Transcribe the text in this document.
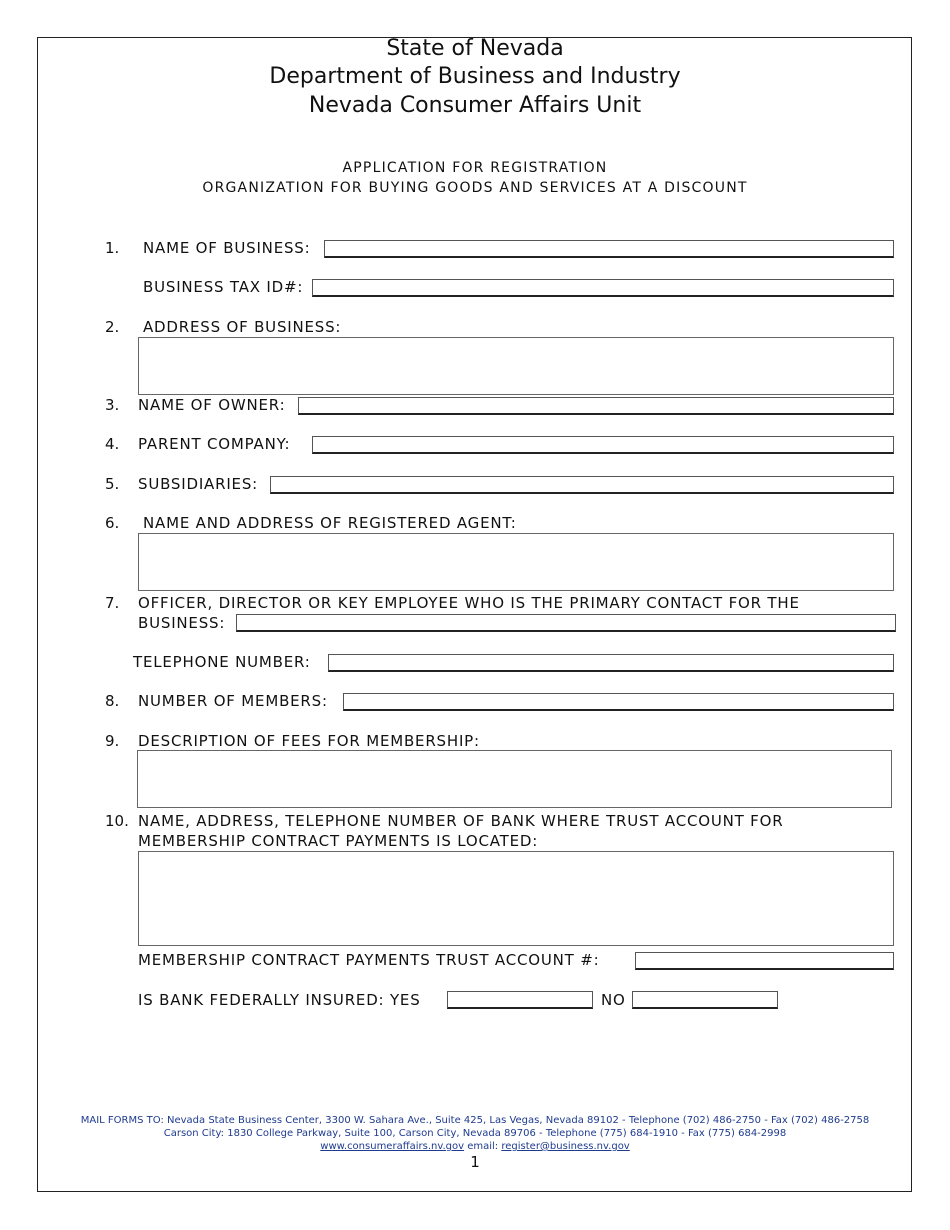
State of Nevada
Department of Business and Industry
Nevada Consumer Affairs Unit
APPLICATION FOR REGISTRATION
ORGANIZATION FOR BUYING GOODS AND SERVICES AT A DISCOUNT
1. NAME OF BUSINESS:
BUSINESS TAX ID#:
2. ADDRESS OF BUSINESS:
3. NAME OF OWNER:
4. PARENT COMPANY:
5. SUBSIDIARIES:
6. NAME AND ADDRESS OF REGISTERED AGENT:
7. OFFICER, DIRECTOR OR KEY EMPLOYEE WHO IS THE PRIMARY CONTACT FOR THE
BUSINESS:
TELEPHONE NUMBER:
8. NUMBER OF MEMBERS:
9. DESCRIPTION OF FEES FOR MEMBERSHIP:
10. NAME, ADDRESS, TELEPHONE NUMBER OF BANK WHERE TRUST ACCOUNT FOR
MEMBERSHIP CONTRACT PAYMENTS IS LOCATED:
MEMBERSHIP CONTRACT PAYMENTS TRUST ACCOUNT #:
IS BANK FEDERALLY INSURED: YES	NO
MAIL FORMS TO: Nevada State Business Center, 3300 W. Sahara Ave., Suite 425, Las Vegas, Nevada 89102 - Telephone (702) 486-2750 - Fax (702) 486-2758
Carson City: 1830 College Parkway, Suite 100, Carson City, Nevada 89706 - Telephone (775) 684-1910 - Fax (775) 684-2998
www.consumeraffairs.nv.gov email: register@business.nv.gov
1
